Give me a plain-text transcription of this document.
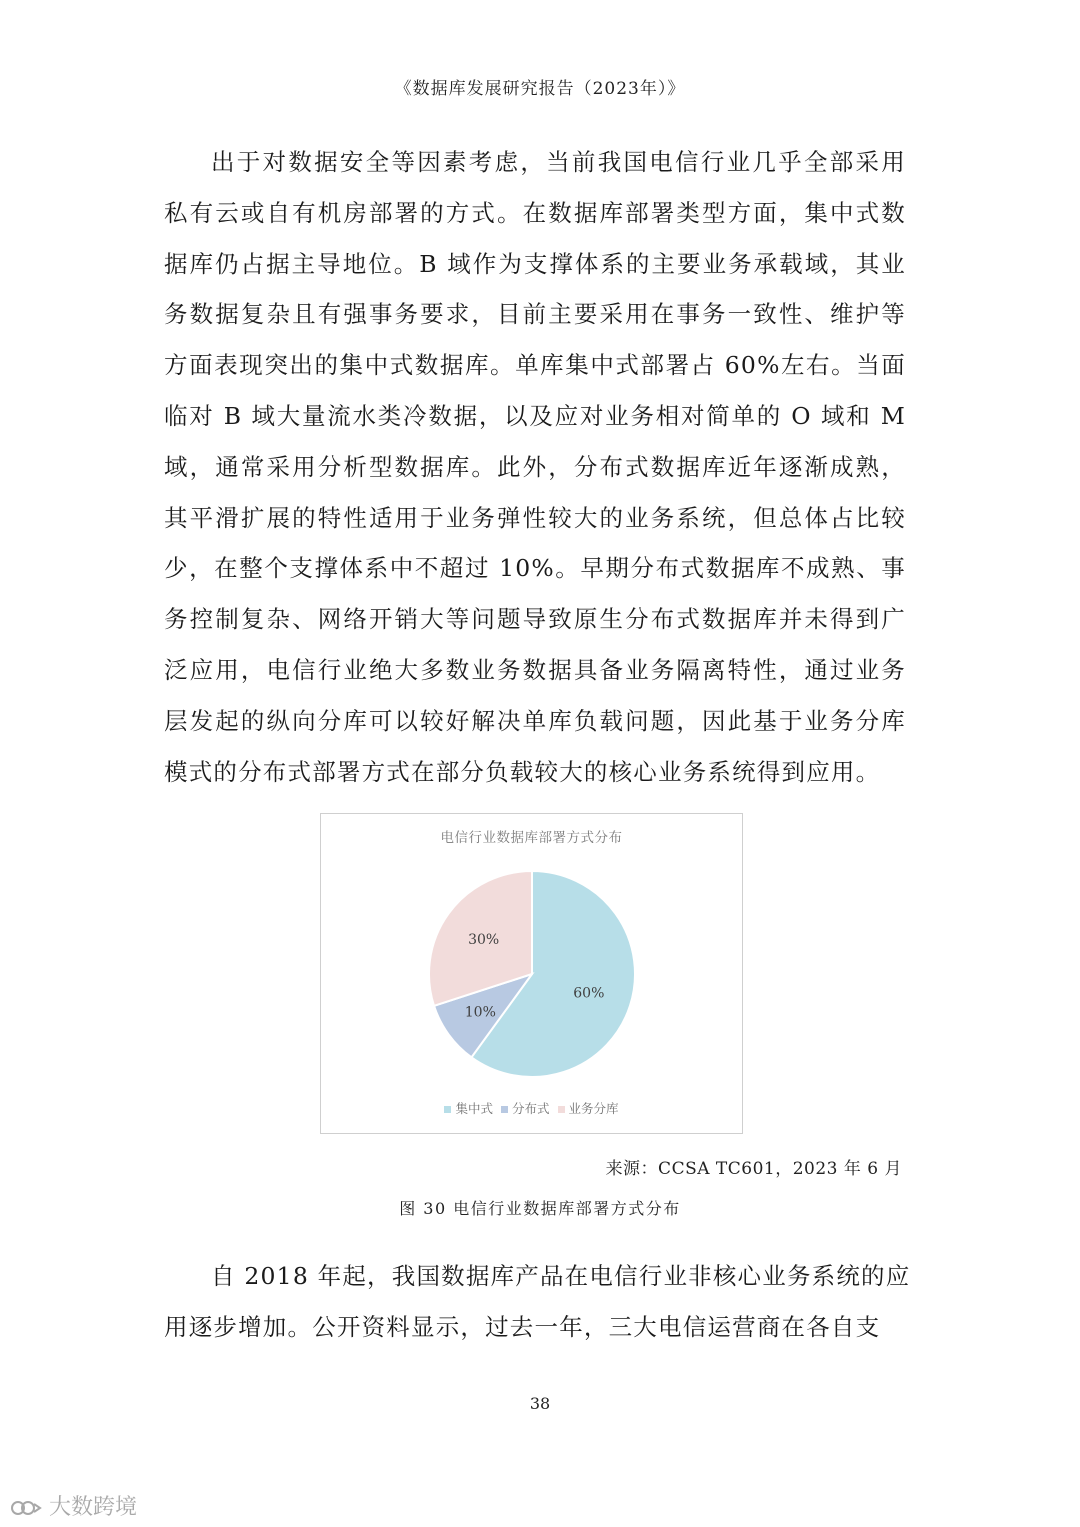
《数据库发展研究报告（2023年）》
出于对数据安全等因素考虑，当前我国电信行业几乎全部采用
私有云或自有机房部署的方式。在数据库部署类型方面，集中式数
据库仍占据主导地位。B 域作为支撑体系的主要业务承载域，其业
务数据复杂且有强事务要求，目前主要采用在事务一致性、维护等
方面表现突出的集中式数据库。单库集中式部署占 60%左右。当面
临对 B 域大量流水类冷数据，以及应对业务相对简单的 O 域和 M
域，通常采用分析型数据库。此外，分布式数据库近年逐渐成熟，
其平滑扩展的特性适用于业务弹性较大的业务系统，但总体占比较
少，在整个支撑体系中不超过 10%。早期分布式数据库不成熟、事
务控制复杂、网络开销大等问题导致原生分布式数据库并未得到广
泛应用，电信行业绝大多数业务数据具备业务隔离特性，通过业务
层发起的纵向分库可以较好解决单库负载问题，因此基于业务分库
模式的分布式部署方式在部分负载较大的核心业务系统得到应用。
电信行业数据库部署方式分布
60%
10%
30%
集中式 分布式 业务分库
来源：CCSA TC601，2023 年 6 月
图 30 电信行业数据库部署方式分布
自 2018 年起，我国数据库产品在电信行业非核心业务系统的应
用逐步增加。公开资料显示，过去一年，三大电信运营商在各自支
38
大数跨境
